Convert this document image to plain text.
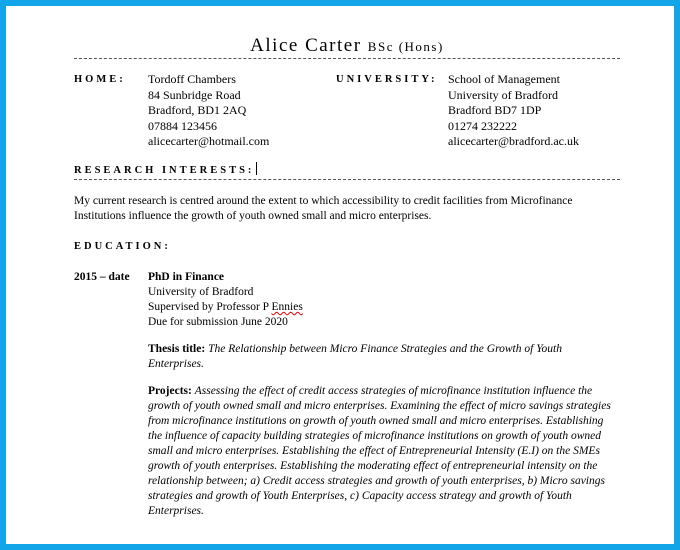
Alice Carter BSc (Hons)
HOME: Tordoff Chambers
84 Sunbridge Road
Bradford, BD1 2AQ
07884 123456
alicecarter@hotmail.com
UNIVERSITY: School of Management
University of Bradford
Bradford BD7 1DP
01274 232222
alicecarter@bradford.ac.uk
RESEARCH INTERESTS:
My current research is centred around the extent to which accessibility to credit facilities from Microfinance
Institutions influence the growth of youth owned small and micro enterprises.
EDUCATION:
2015 – date PhD in Finance
University of Bradford
Supervised by Professor P Ennies
Due for submission June 2020
Thesis title: The Relationship between Micro Finance Strategies and the Growth of Youth
Enterprises.
Projects: Assessing the effect of credit access strategies of microfinance institution influence the
growth of youth owned small and micro enterprises. Examining the effect of micro savings strategies
from microfinance institutions on growth of youth owned small and micro enterprises. Establishing
the influence of capacity building strategies of microfinance institutions on growth of youth owned
small and micro enterprises. Establishing the effect of Entrepreneurial Intensity (E.I) on the SMEs
growth of youth enterprises. Establishing the moderating effect of entrepreneurial intensity on the
relationship between; a) Credit access strategies and growth of youth enterprises, b) Micro savings
strategies and growth of Youth Enterprises, c) Capacity access strategy and growth of Youth
Enterprises.
